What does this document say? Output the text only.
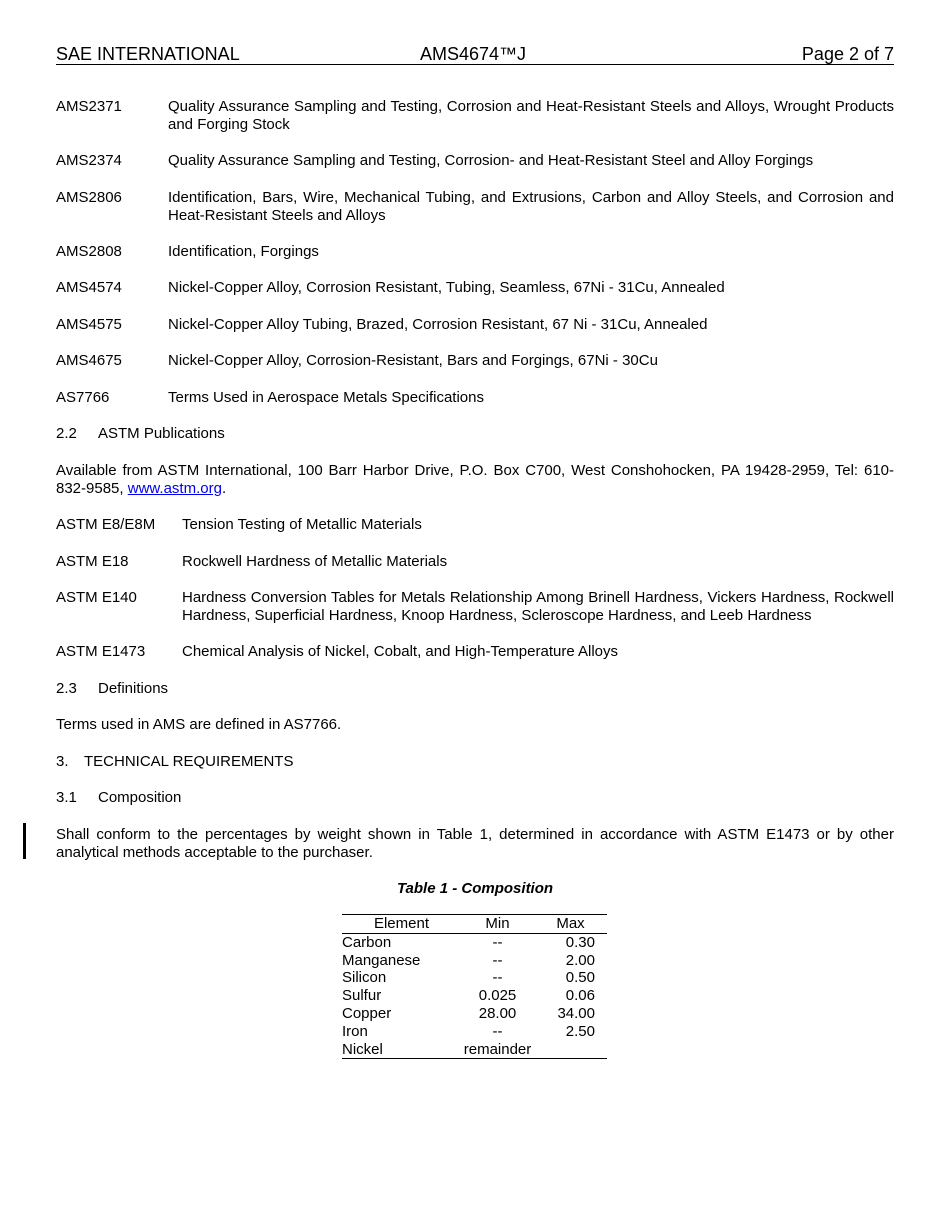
SAE INTERNATIONAL	AMS4674™J	Page 2 of 7
AMS2371	Quality Assurance Sampling and Testing, Corrosion and Heat-Resistant Steels and Alloys, Wrought Products and Forging Stock
AMS2374	Quality Assurance Sampling and Testing, Corrosion- and Heat-Resistant Steel and Alloy Forgings
AMS2806	Identification, Bars, Wire, Mechanical Tubing, and Extrusions, Carbon and Alloy Steels, and Corrosion and Heat-Resistant Steels and Alloys
AMS2808	Identification, Forgings
AMS4574	Nickel-Copper Alloy, Corrosion Resistant, Tubing, Seamless, 67Ni - 31Cu, Annealed
AMS4575	Nickel-Copper Alloy Tubing, Brazed, Corrosion Resistant, 67 Ni - 31Cu, Annealed
AMS4675	Nickel-Copper Alloy, Corrosion-Resistant, Bars and Forgings, 67Ni - 30Cu
AS7766	Terms Used in Aerospace Metals Specifications
2.2 ASTM Publications
Available from ASTM International, 100 Barr Harbor Drive, P.O. Box C700, West Conshohocken, PA 19428-2959, Tel: 610-832-9585, www.astm.org.
ASTM E8/E8M Tension Testing of Metallic Materials
ASTM E18	Rockwell Hardness of Metallic Materials
ASTM E140	Hardness Conversion Tables for Metals Relationship Among Brinell Hardness, Vickers Hardness, Rockwell Hardness, Superficial Hardness, Knoop Hardness, Scleroscope Hardness, and Leeb Hardness
ASTM E1473 Chemical Analysis of Nickel, Cobalt, and High-Temperature Alloys
2.3 Definitions
Terms used in AMS are defined in AS7766.
3. TECHNICAL REQUIREMENTS
3.1 Composition
Shall conform to the percentages by weight shown in Table 1, determined in accordance with ASTM E1473 or by other analytical methods acceptable to the purchaser.
Table 1 - Composition
Element	Min	Max
Carbon	--	0.30
Manganese	--	2.00
Silicon	--	0.50
Sulfur	0.025	0.06
Copper	28.00	34.00
Iron	--	2.50
Nickel	remainder	
